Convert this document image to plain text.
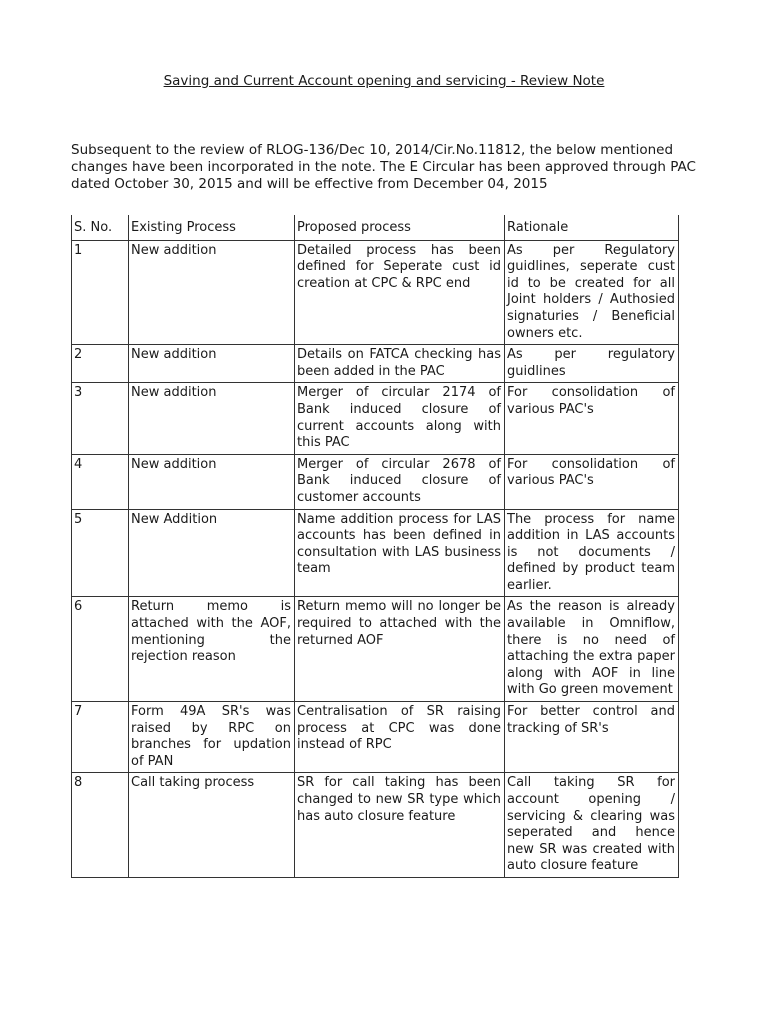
Saving and Current Account opening and servicing - Review Note
Subsequent to the review of RLOG-136/Dec 10, 2014/Cir.No.11812, the below mentioned changes have been incorporated in the note. The E Circular has been approved through PAC dated October 30, 2015 and will be effective from December 04, 2015
S. No.	Existing Process	Proposed process	Rationale
1	New addition	Detailed process has been defined for Seperate cust id creation at CPC & RPC end	As per Regulatory guidlines, seperate cust id to be created for all Joint holders / Authosied signaturies / Beneficial owners etc.
2	New addition	Details on FATCA checking has been added in the PAC	As per regulatory guidlines
3	New addition	Merger of circular 2174 of Bank induced closure of current accounts along with this PAC	For consolidation of various PAC's
4	New addition	Merger of circular 2678 of Bank induced closure of customer accounts	For consolidation of various PAC's
5	New Addition	Name addition process for LAS accounts has been defined in consultation with LAS business team	The process for name addition in LAS accounts is not documents / defined by product team earlier.
6	Return memo is attached with the AOF, mentioning the rejection reason	Return memo will no longer be required to attached with the returned AOF	As the reason is already available in Omniflow, there is no need of attaching the extra paper along with AOF in line with Go green movement
7	Form 49A SR's was raised by RPC on branches for updation of PAN	Centralisation of SR raising process at CPC was done instead of RPC	For better control and tracking of SR's
8	Call taking process	SR for call taking has been changed to new SR type which has auto closure feature	Call taking SR for account opening / servicing & clearing was seperated and hence new SR was created with auto closure feature
